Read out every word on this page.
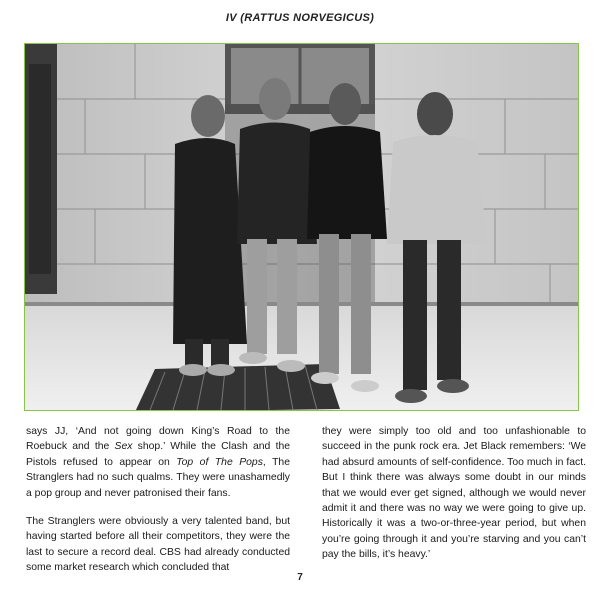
IV (RATTUS NORVEGICUS)

says JJ, ‘And not going down King’s Road to the Roebuck and the Sex shop.’ While the Clash and the Pistols refused to appear on Top of The Pops, The Stranglers had no such qualms. They were unashamedly a pop group and never patronised their fans.

The Stranglers were obviously a very talented band, but having started before all their competitors, they were the last to secure a record deal. CBS had already conducted some market research which concluded that

they were simply too old and too unfashionable to succeed in the punk rock era. Jet Black remembers: ‘We had absurd amounts of self-confidence. Too much in fact. But I think there was always some doubt in our minds that we would ever get signed, although we would never admit it and there was no way we were going to give up. Historically it was a two-or-three-year period, but when you’re going through it and you’re starving and you can’t pay the bills, it’s heavy.’

7
